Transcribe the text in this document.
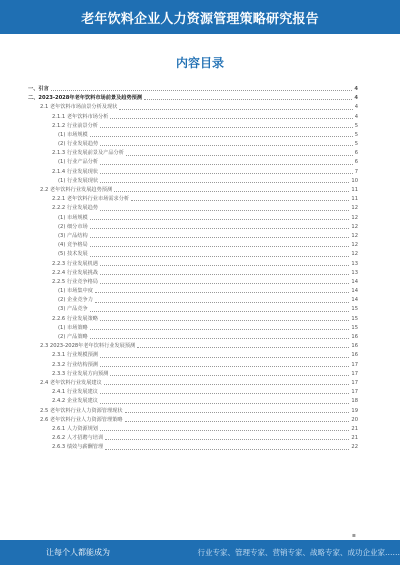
老年饮料企业人力资源管理策略研究报告
内容目录
一、引言	4
二、2023-2028年老年饮料市场前景及趋势预测	4
2.1 老年饮料市场前景分析及现状	4
2.1.1 老年饮料市场分析	4
2.1.2 行业前景分析	5
(1) 市场规模	5
(2) 行业发展趋势	5
2.1.3 行业发展前景及产品分析	6
(1) 行业产品分析	6
2.1.4 行业发展现状	7
(1) 行业发展现状	10
2.2 老年饮料行业发展趋势预测	11
2.2.1 老年饮料行业市场需求分析	11
2.2.2 行业发展趋势	12
(1) 市场规模	12
(2) 细分市场	12
(3) 产品结构	12
(4) 竞争格局	12
(5) 技术发展	12
2.2.3 行业发展机遇	13
2.2.4 行业发展挑战	13
2.2.5 行业竞争格局	14
(1) 市场集中度	14
(2) 企业竞争力	14
(3) 产品竞争	15
2.2.6 行业发展策略	15
(1) 市场策略	15
(2) 产品策略	16
2.3 2023-2028年老年饮料行业发展预测	16
2.3.1 行业规模预测	16
2.3.2 行业结构预测	17
2.3.3 行业发展方向预测	17
2.4 老年饮料行业发展建议	17
2.4.1 行业发展建议	17
2.4.2 企业发展建议	18
2.5 老年饮料行业人力资源管理现状	19
2.6 老年饮料行业人力资源管理策略	20
2.6.1 人力资源规划	21
2.6.2 人才招聘与培训	21
2.6.3 绩效与薪酬管理	22
▪
让每个人都能成为	行业专家、管理专家、营销专家、战略专家、成功企业家……
